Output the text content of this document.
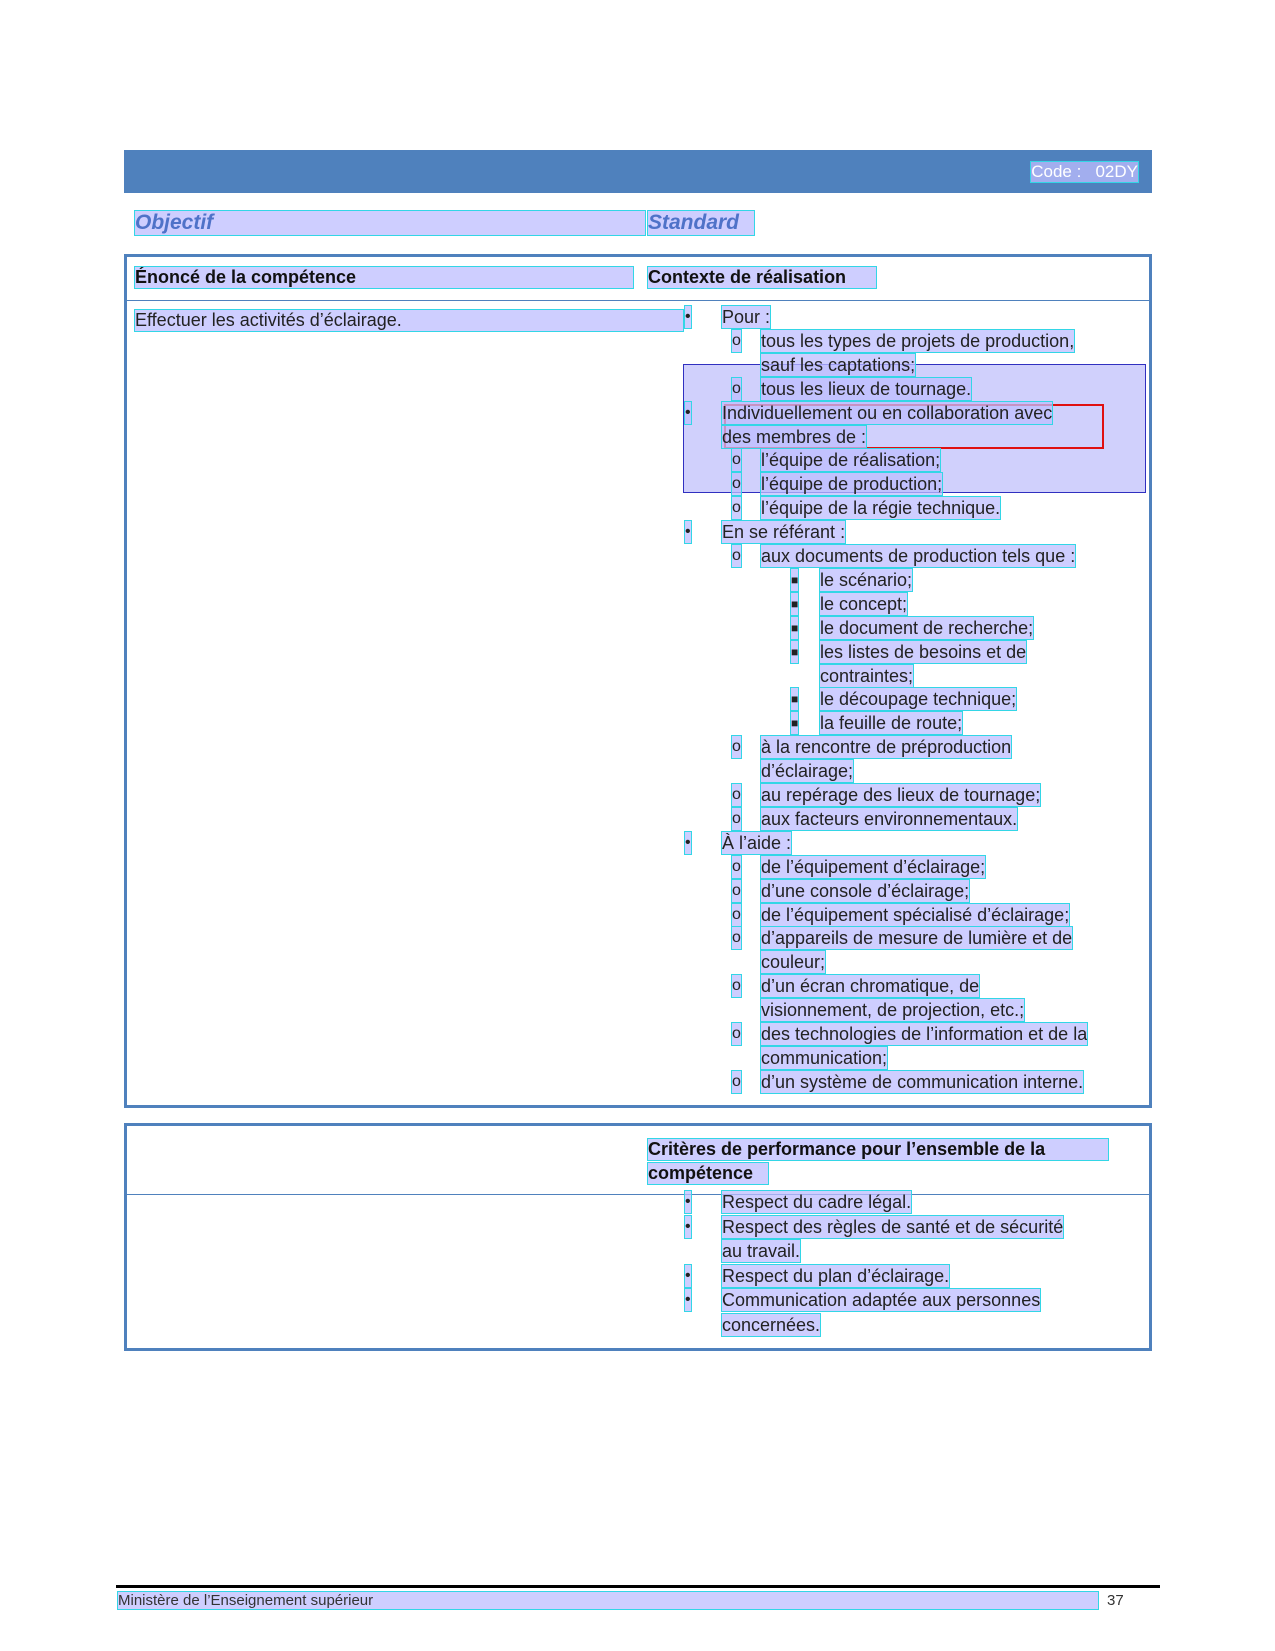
Code :   02DY
Objectif	Standard
Énoncé de la compétence	Contexte de réalisation
Effectuer les activités d’éclairage.	• Pour :
o tous les types de projets de production,
sauf les captations;
o tous les lieux de tournage.
• Individuellement ou en collaboration avec
des membres de :
o l’équipe de réalisation;
o l’équipe de production;
o l’équipe de la régie technique.
• En se référant :
o aux documents de production tels que :
■ le scénario;
■ le concept;
■ le document de recherche;
■ les listes de besoins et de
contraintes;
■ le découpage technique;
■ la feuille de route;
o à la rencontre de préproduction
d’éclairage;
o au repérage des lieux de tournage;
o aux facteurs environnementaux.
• À l’aide :
o de l’équipement d’éclairage;
o d’une console d’éclairage;
o de l’équipement spécialisé d’éclairage;
o d’appareils de mesure de lumière et de
couleur;
o d’un écran chromatique, de
visionnement, de projection, etc.;
o des technologies de l’information et de la
communication;
o d’un système de communication interne.
Critères de performance pour l’ensemble de la
compétence
• Respect du cadre légal.
• Respect des règles de santé et de sécurité
au travail.
• Respect du plan d’éclairage.
• Communication adaptée aux personnes
concernées.
Ministère de l’Enseignement supérieur	37
